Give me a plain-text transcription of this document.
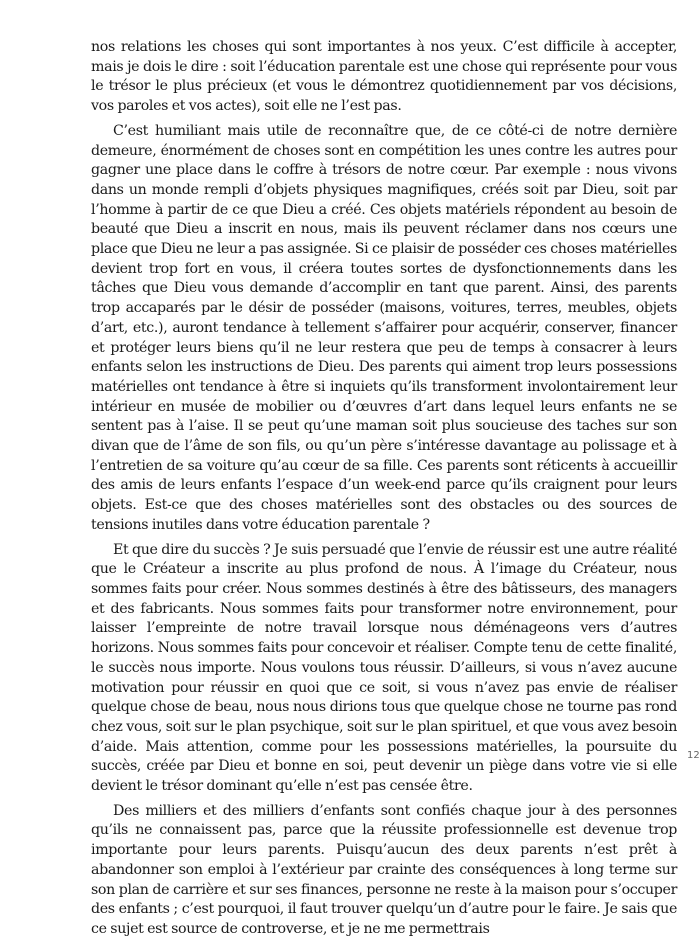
nos relations les choses qui sont importantes à nos yeux. C’est difficile à accepter, mais je dois le dire : soit l’éducation parentale est une chose qui représente pour vous le trésor le plus précieux (et vous le démontrez quotidiennement par vos décisions, vos paroles et vos actes), soit elle ne l’est pas.

C’est humiliant mais utile de reconnaître que, de ce côté-ci de notre dernière demeure, énormément de choses sont en compétition les unes contre les autres pour gagner une place dans le coffre à trésors de notre cœur. Par exemple : nous vivons dans un monde rempli d’objets physiques magnifiques, créés soit par Dieu, soit par l’homme à partir de ce que Dieu a créé. Ces objets matériels répondent au besoin de beauté que Dieu a inscrit en nous, mais ils peuvent réclamer dans nos cœurs une place que Dieu ne leur a pas assignée. Si ce plaisir de posséder ces choses matérielles devient trop fort en vous, il créera toutes sortes de dysfonctionnements dans les tâches que Dieu vous demande d’accomplir en tant que parent. Ainsi, des parents trop accaparés par le désir de posséder (maisons, voitures, terres, meubles, objets d’art, etc.), auront tendance à tellement s’affairer pour acquérir, conserver, financer et protéger leurs biens qu’il ne leur restera que peu de temps à consacrer à leurs enfants selon les instructions de Dieu. Des parents qui aiment trop leurs possessions matérielles ont tendance à être si inquiets qu’ils transforment involontairement leur intérieur en musée de mobilier ou d’œuvres d’art dans lequel leurs enfants ne se sentent pas à l’aise. Il se peut qu’une maman soit plus soucieuse des taches sur son divan que de l’âme de son fils, ou qu’un père s’intéresse davantage au polissage et à l’entretien de sa voiture qu’au cœur de sa fille. Ces parents sont réticents à accueillir des amis de leurs enfants l’espace d’un week-end parce qu’ils craignent pour leurs objets. Est-ce que des choses matérielles sont des obstacles ou des sources de tensions inutiles dans votre éducation parentale ?

Et que dire du succès ? Je suis persuadé que l’envie de réussir est une autre réalité que le Créateur a inscrite au plus profond de nous. À l’image du Créateur, nous sommes faits pour créer. Nous sommes destinés à être des bâtisseurs, des managers et des fabricants. Nous sommes faits pour transformer notre environnement, pour laisser l’empreinte de notre travail lorsque nous déménageons vers d’autres horizons. Nous sommes faits pour concevoir et réaliser. Compte tenu de cette finalité, le succès nous importe. Nous voulons tous réussir. D’ailleurs, si vous n’avez aucune motivation pour réussir en quoi que ce soit, si vous n’avez pas envie de réaliser quelque chose de beau, nous nous dirions tous que quelque chose ne tourne pas rond chez vous, soit sur le plan psychique, soit sur le plan spirituel, et que vous avez besoin d’aide. Mais attention, comme pour les possessions matérielles, la poursuite du succès, créée par Dieu et bonne en soi, peut devenir un piège dans votre vie si elle devient le trésor dominant qu’elle n’est pas censée être.

Des milliers et des milliers d’enfants sont confiés chaque jour à des personnes qu’ils ne connaissent pas, parce que la réussite professionnelle est devenue trop importante pour leurs parents. Puisqu’aucun des deux parents n’est prêt à abandonner son emploi à l’extérieur par crainte des conséquences à long terme sur son plan de carrière et sur ses finances, personne ne reste à la maison pour s’occuper des enfants ; c’est pourquoi, il faut trouver quelqu’un d’autre pour le faire. Je sais que ce sujet est source de controverse, et je ne me permettrais

12
